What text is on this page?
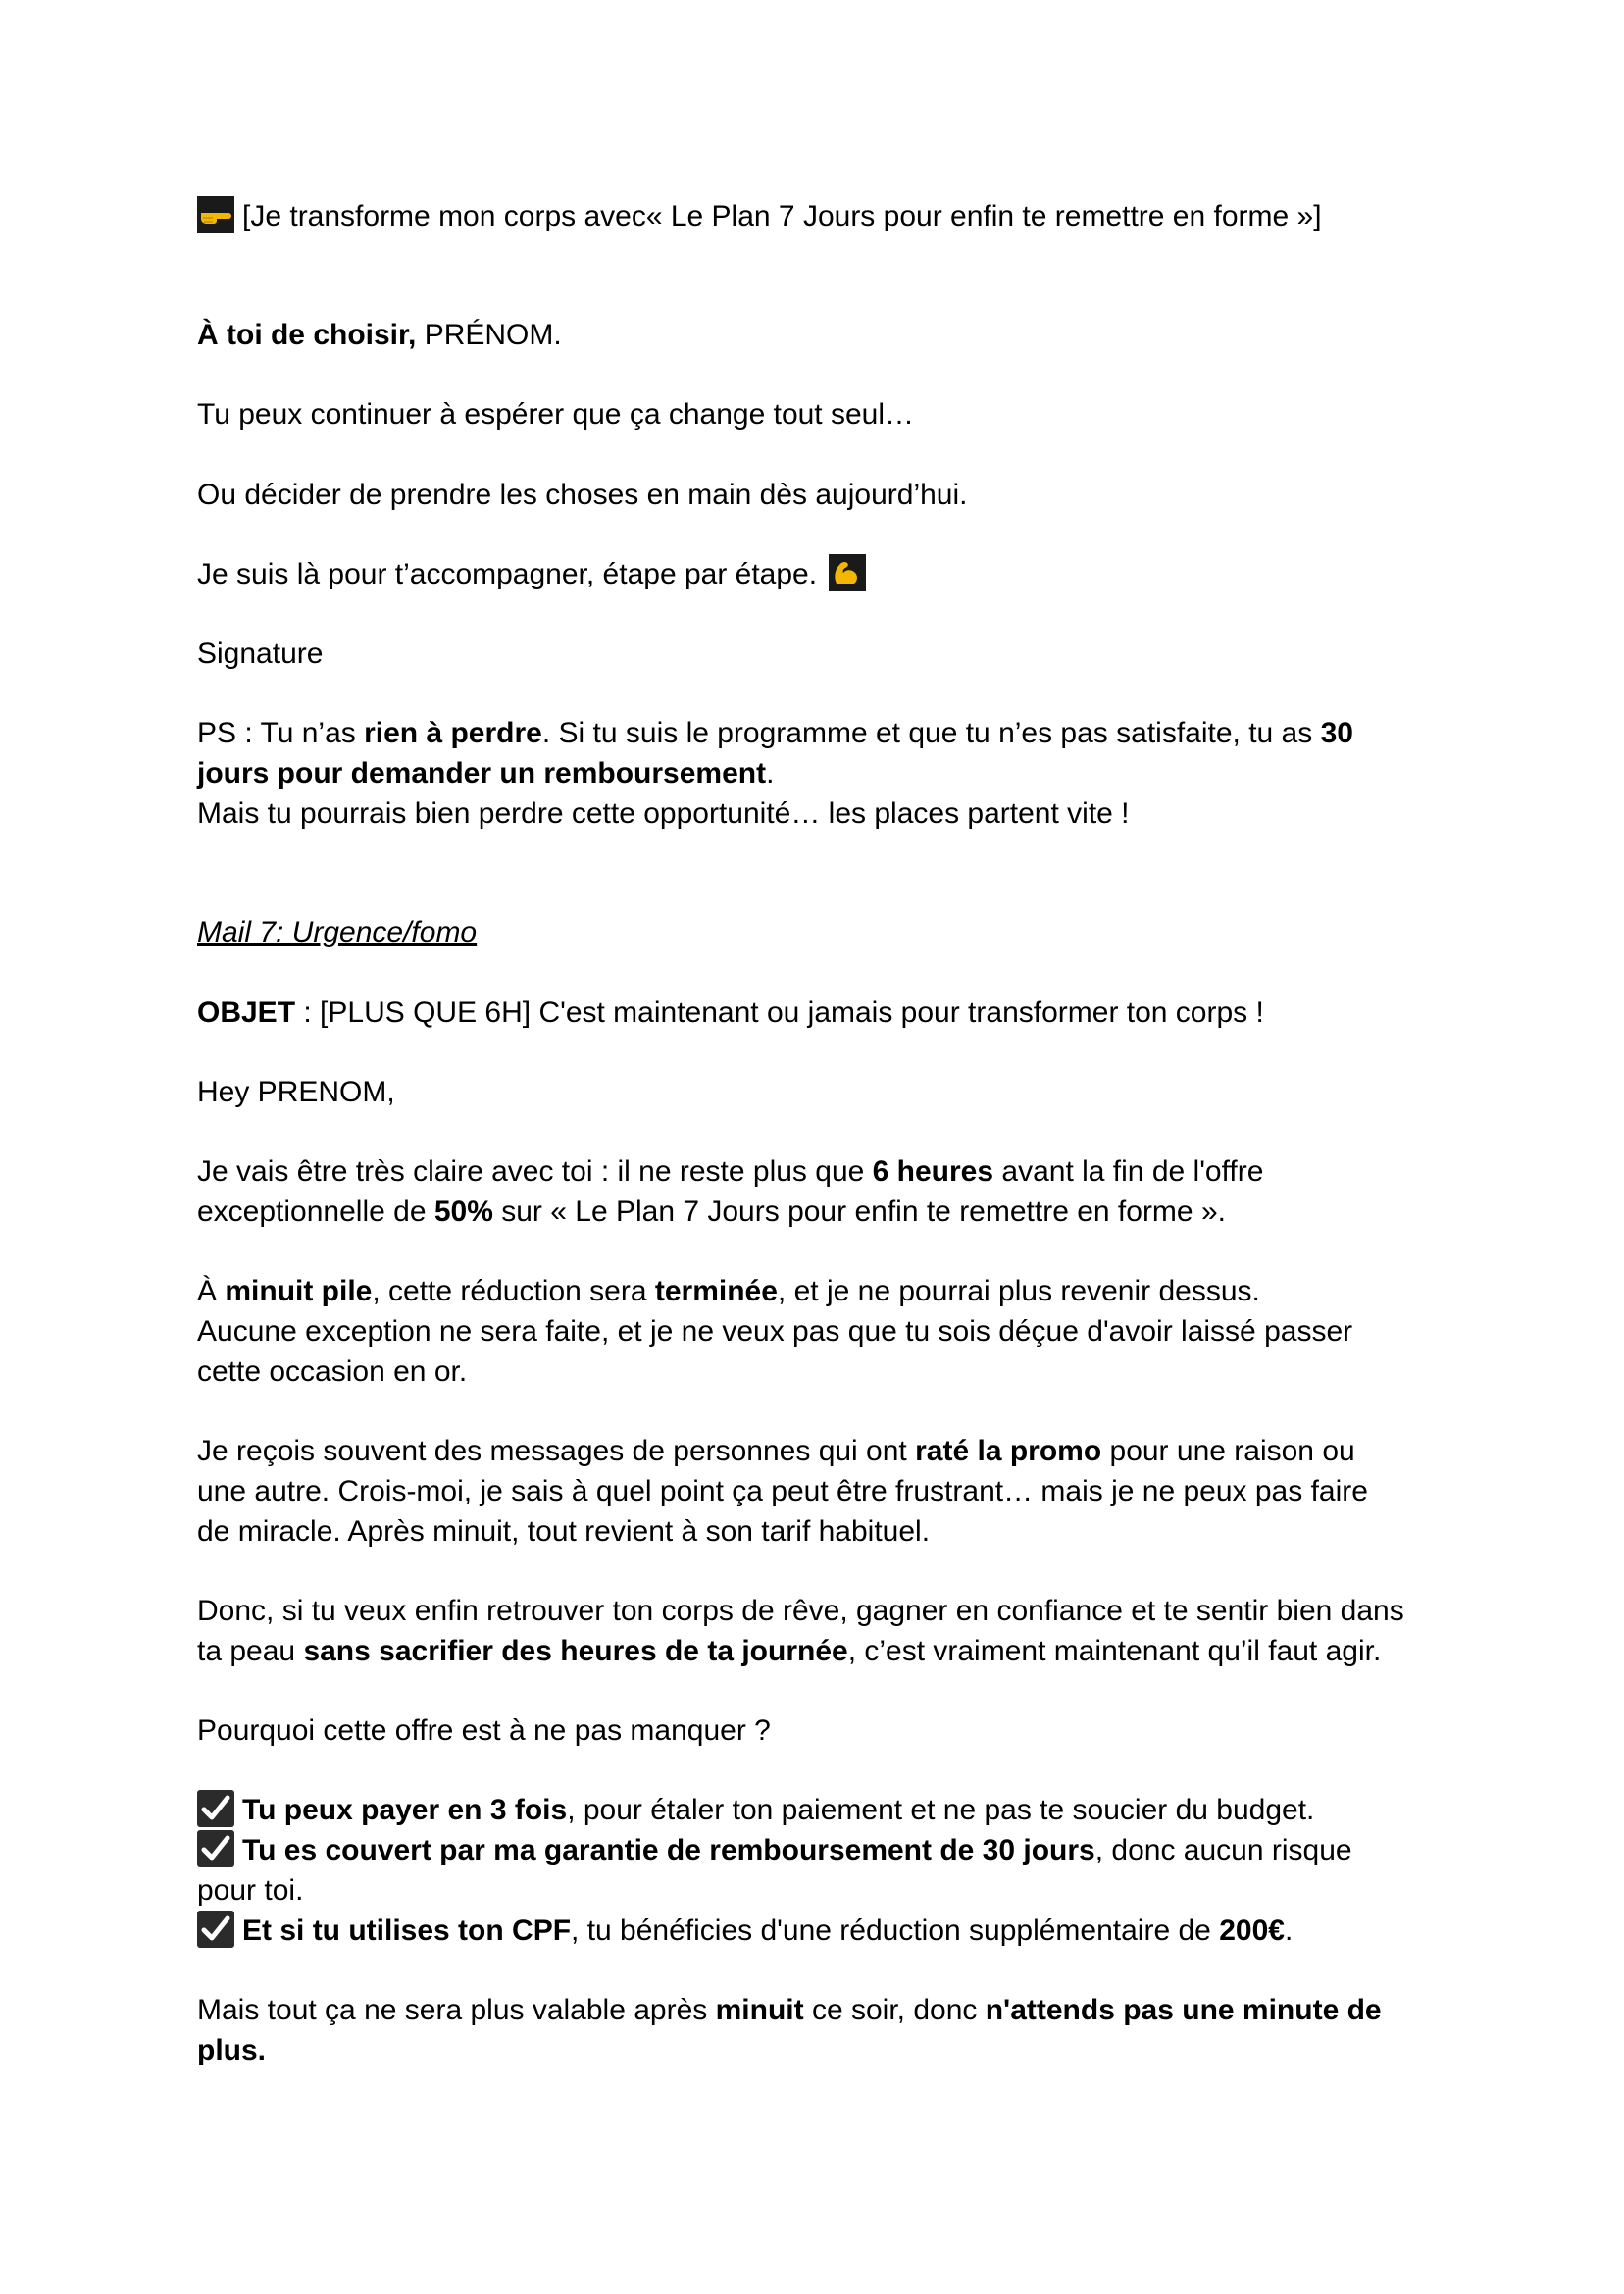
[Je transforme mon corps avec« Le Plan 7 Jours pour enfin te remettre en forme »]
À toi de choisir, PRÉNOM.
Tu peux continuer à espérer que ça change tout seul…
Ou décider de prendre les choses en main dès aujourd’hui.
Je suis là pour t’accompagner, étape par étape.
Signature
PS : Tu n’as rien à perdre. Si tu suis le programme et que tu n’es pas satisfaite, tu as 30
jours pour demander un remboursement.
Mais tu pourrais bien perdre cette opportunité… les places partent vite !
Mail 7: Urgence/fomo
OBJET : [PLUS QUE 6H] C'est maintenant ou jamais pour transformer ton corps !
Hey PRENOM,
Je vais être très claire avec toi : il ne reste plus que 6 heures avant la fin de l'offre
exceptionnelle de 50% sur « Le Plan 7 Jours pour enfin te remettre en forme ».
À minuit pile, cette réduction sera terminée, et je ne pourrai plus revenir dessus.
Aucune exception ne sera faite, et je ne veux pas que tu sois déçue d'avoir laissé passer
cette occasion en or.
Je reçois souvent des messages de personnes qui ont raté la promo pour une raison ou
une autre. Crois-moi, je sais à quel point ça peut être frustrant… mais je ne peux pas faire
de miracle. Après minuit, tout revient à son tarif habituel.
Donc, si tu veux enfin retrouver ton corps de rêve, gagner en confiance et te sentir bien dans
ta peau sans sacrifier des heures de ta journée, c’est vraiment maintenant qu’il faut agir.
Pourquoi cette offre est à ne pas manquer ?
Tu peux payer en 3 fois, pour étaler ton paiement et ne pas te soucier du budget.
Tu es couvert par ma garantie de remboursement de 30 jours, donc aucun risque
pour toi.
Et si tu utilises ton CPF, tu bénéficies d'une réduction supplémentaire de 200€.
Mais tout ça ne sera plus valable après minuit ce soir, donc n'attends pas une minute de
plus.
